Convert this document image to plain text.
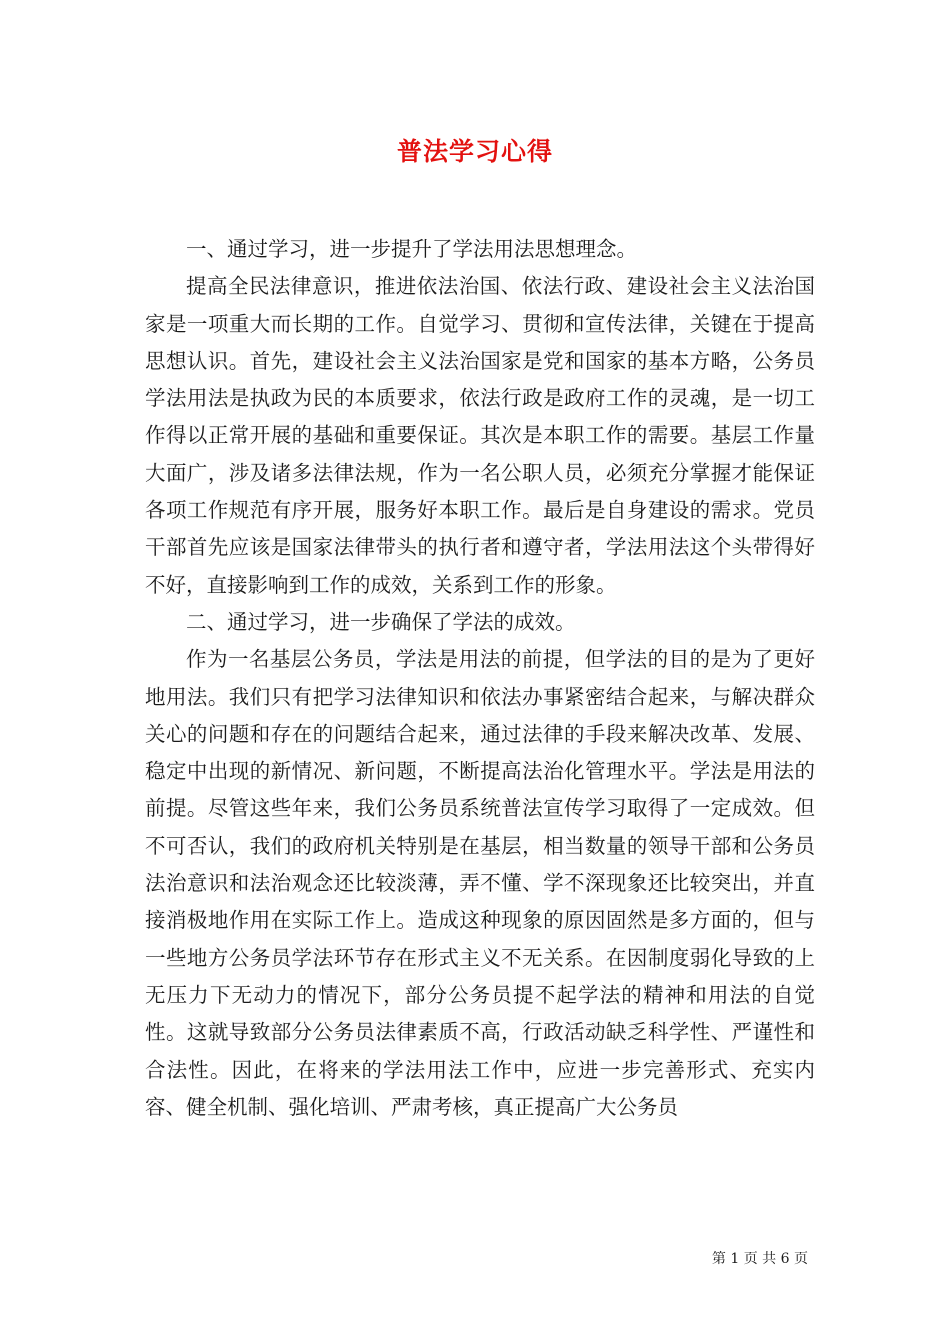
普法学习心得

一、通过学习，进一步提升了学法用法思想理念。

提高全民法律意识，推进依法治国、依法行政、建设社会主义法治国家是一项重大而长期的工作。自觉学习、贯彻和宣传法律，关键在于提高思想认识。首先，建设社会主义法治国家是党和国家的基本方略，公务员学法用法是执政为民的本质要求，依法行政是政府工作的灵魂，是一切工作得以正常开展的基础和重要保证。其次是本职工作的需要。基层工作量大面广，涉及诸多法律法规，作为一名公职人员，必须充分掌握才能保证各项工作规范有序开展，服务好本职工作。最后是自身建设的需求。党员干部首先应该是国家法律带头的执行者和遵守者，学法用法这个头带得好不好，直接影响到工作的成效，关系到工作的形象。

二、通过学习，进一步确保了学法的成效。

作为一名基层公务员，学法是用法的前提，但学法的目的是为了更好地用法。我们只有把学习法律知识和依法办事紧密结合起来，与解决群众关心的问题和存在的问题结合起来，通过法律的手段来解决改革、发展、稳定中出现的新情况、新问题，不断提高法治化管理水平。学法是用法的前提。尽管这些年来，我们公务员系统普法宣传学习取得了一定成效。但不可否认，我们的政府机关特别是在基层，相当数量的领导干部和公务员法治意识和法治观念还比较淡薄，弄不懂、学不深现象还比较突出，并直接消极地作用在实际工作上。造成这种现象的原因固然是多方面的，但与一些地方公务员学法环节存在形式主义不无关系。在因制度弱化导致的上无压力下无动力的情况下，部分公务员提不起学法的精神和用法的自觉性。这就导致部分公务员法律素质不高，行政活动缺乏科学性、严谨性和合法性。因此，在将来的学法用法工作中，应进一步完善形式、充实内容、健全机制、强化培训、严肃考核，真正提高广大公务员

第 1 页 共 6 页
